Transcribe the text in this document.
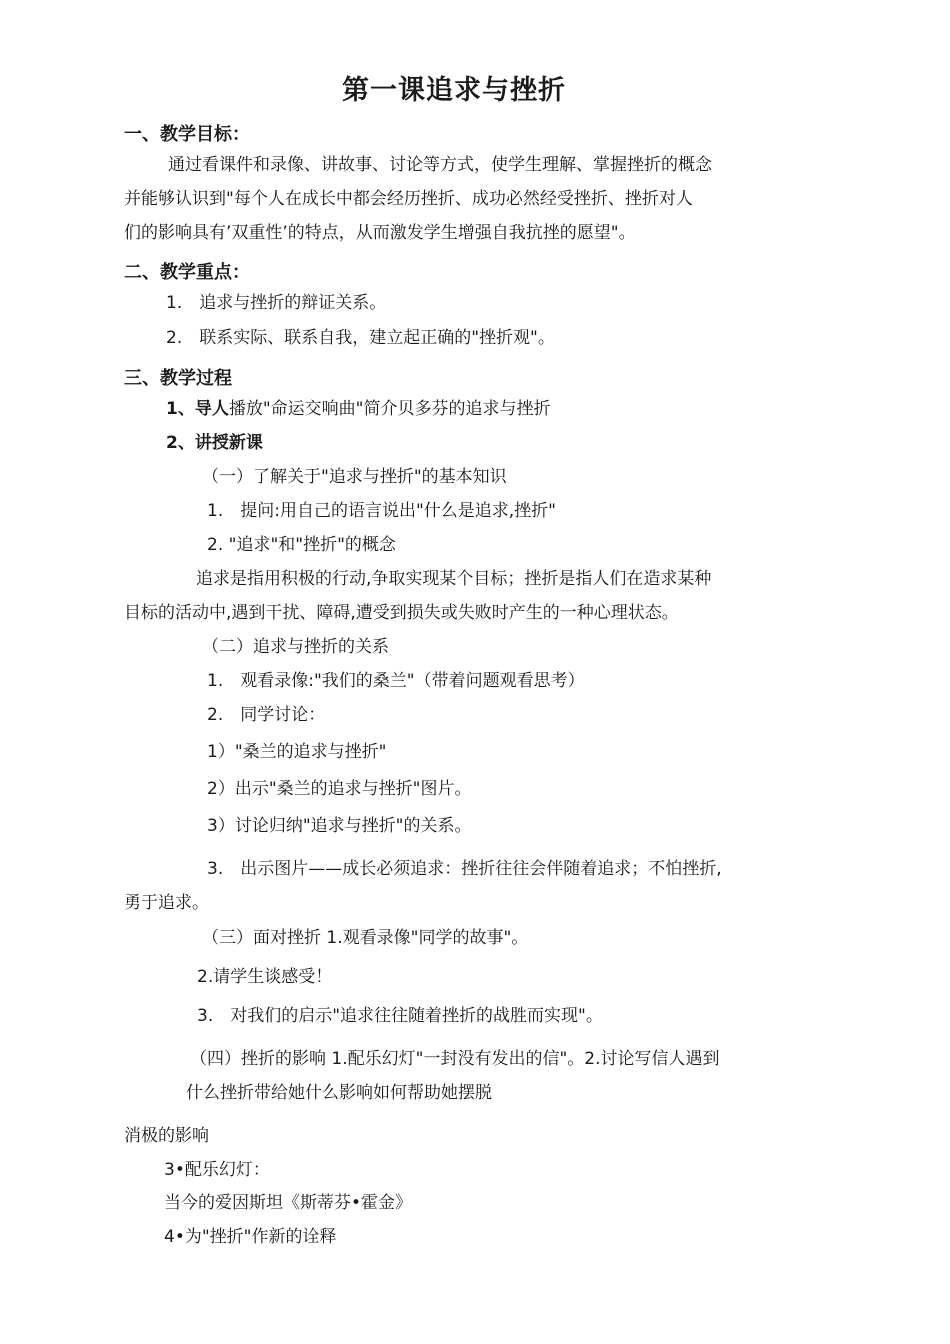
第一课追求与挫折
一、教学目标：
通过看课件和录像、讲故事、讨论等方式，使学生理解、掌握挫折的概念
并能够认识到"每个人在成长中都会经历挫折、成功必然经受挫折、挫折对人
们的影响具有’双重性’的特点，从而激发学生增强自我抗挫的愿望"。
二、教学重点：
1.　追求与挫折的辩证关系。
2.　联系实际、联系自我，建立起正确的"挫折观"。
三、教学过程
1、导人播放"命运交响曲"简介贝多芬的追求与挫折
2、讲授新课
（一）了解关于"追求与挫折"的基本知识
1.　提问:用自己的语言说出"什么是追求,挫折"
2. "追求"和"挫折"的概念
追求是指用积极的行动,争取实现某个目标；挫折是指人们在造求某种
目标的活动中,遇到干扰、障碍,遭受到损失或失败时产生的一种心理状态。
（二）追求与挫折的关系
1.　观看录像:"我们的桑兰"（带着问题观看思考）
2.　同学讨论：
1）"桑兰的追求与挫折"
2）出示"桑兰的追求与挫折"图片。
3）讨论归纳"追求与挫折"的关系。
3.　出示图片——成长必须追求：挫折往往会伴随着追求；不怕挫折,
勇于追求。
（三）面对挫折 1.观看录像"同学的故事"。
2.请学生谈感受！
3.　对我们的启示"追求往往随着挫折的战胜而实现"。
（四）挫折的影响 1.配乐幻灯"一封没有发出的信"。2.讨论写信人遇到
什么挫折带给她什么影响如何帮助她摆脱
消极的影响
3•配乐幻灯：
当今的爱因斯坦《斯蒂芬•霍金》
4•为"挫折"作新的诠释
